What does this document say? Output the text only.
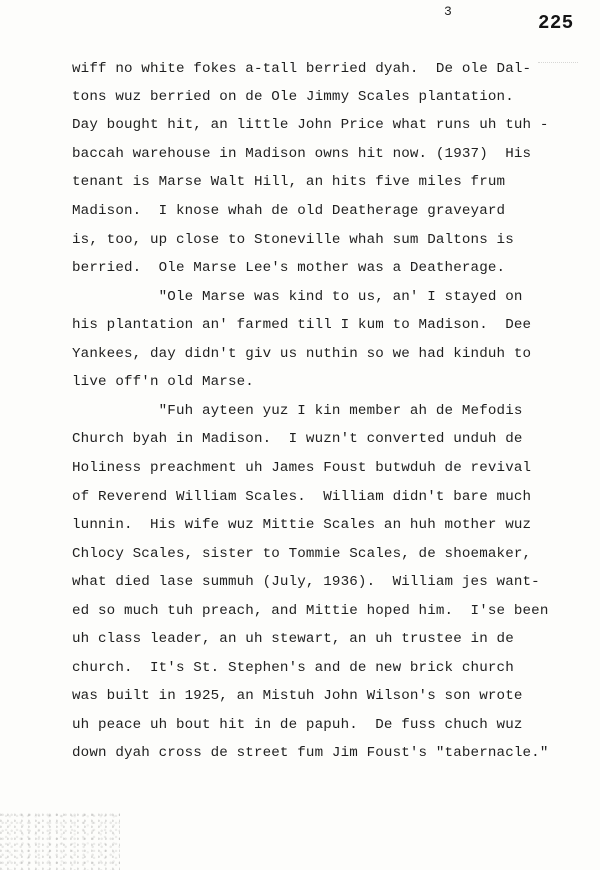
3
225
wiff no white fokes a-tall berried dyah.  De ole Dal-
tons wuz berried on de Ole Jimmy Scales plantation.
Day bought hit, an little John Price what runs uh tuh -
baccah warehouse in Madison owns hit now. (1937)  His
tenant is Marse Walt Hill, an hits five miles frum
Madison.  I knose whah de old Deatherage graveyard
is, too, up close to Stoneville whah sum Daltons is
berried.  Ole Marse Lee's mother was a Deatherage.
"Ole Marse was kind to us, an' I stayed on
his plantation an' farmed till I kum to Madison.  Dee
Yankees, day didn't giv us nuthin so we had kinduh to
live off'n old Marse.
"Fuh ayteen yuz I kin member ah de Mefodis
Church byah in Madison.  I wuzn't converted unduh de
Holiness preachment uh James Foust butwduh de revival
of Reverend William Scales.  William didn't bare much
lunnin.  His wife wuz Mittie Scales an huh mother wuz
Chlocy Scales, sister to Tommie Scales, de shoemaker,
what died lase summuh (July, 1936).  William jes want-
ed so much tuh preach, and Mittie hoped him.  I'se been
uh class leader, an uh stewart, an uh trustee in de
church.  It's St. Stephen's and de new brick church
was built in 1925, an Mistuh John Wilson's son wrote
uh peace uh bout hit in de papuh.  De fuss chuch wuz
down dyah cross de street fum Jim Foust's "tabernacle."
